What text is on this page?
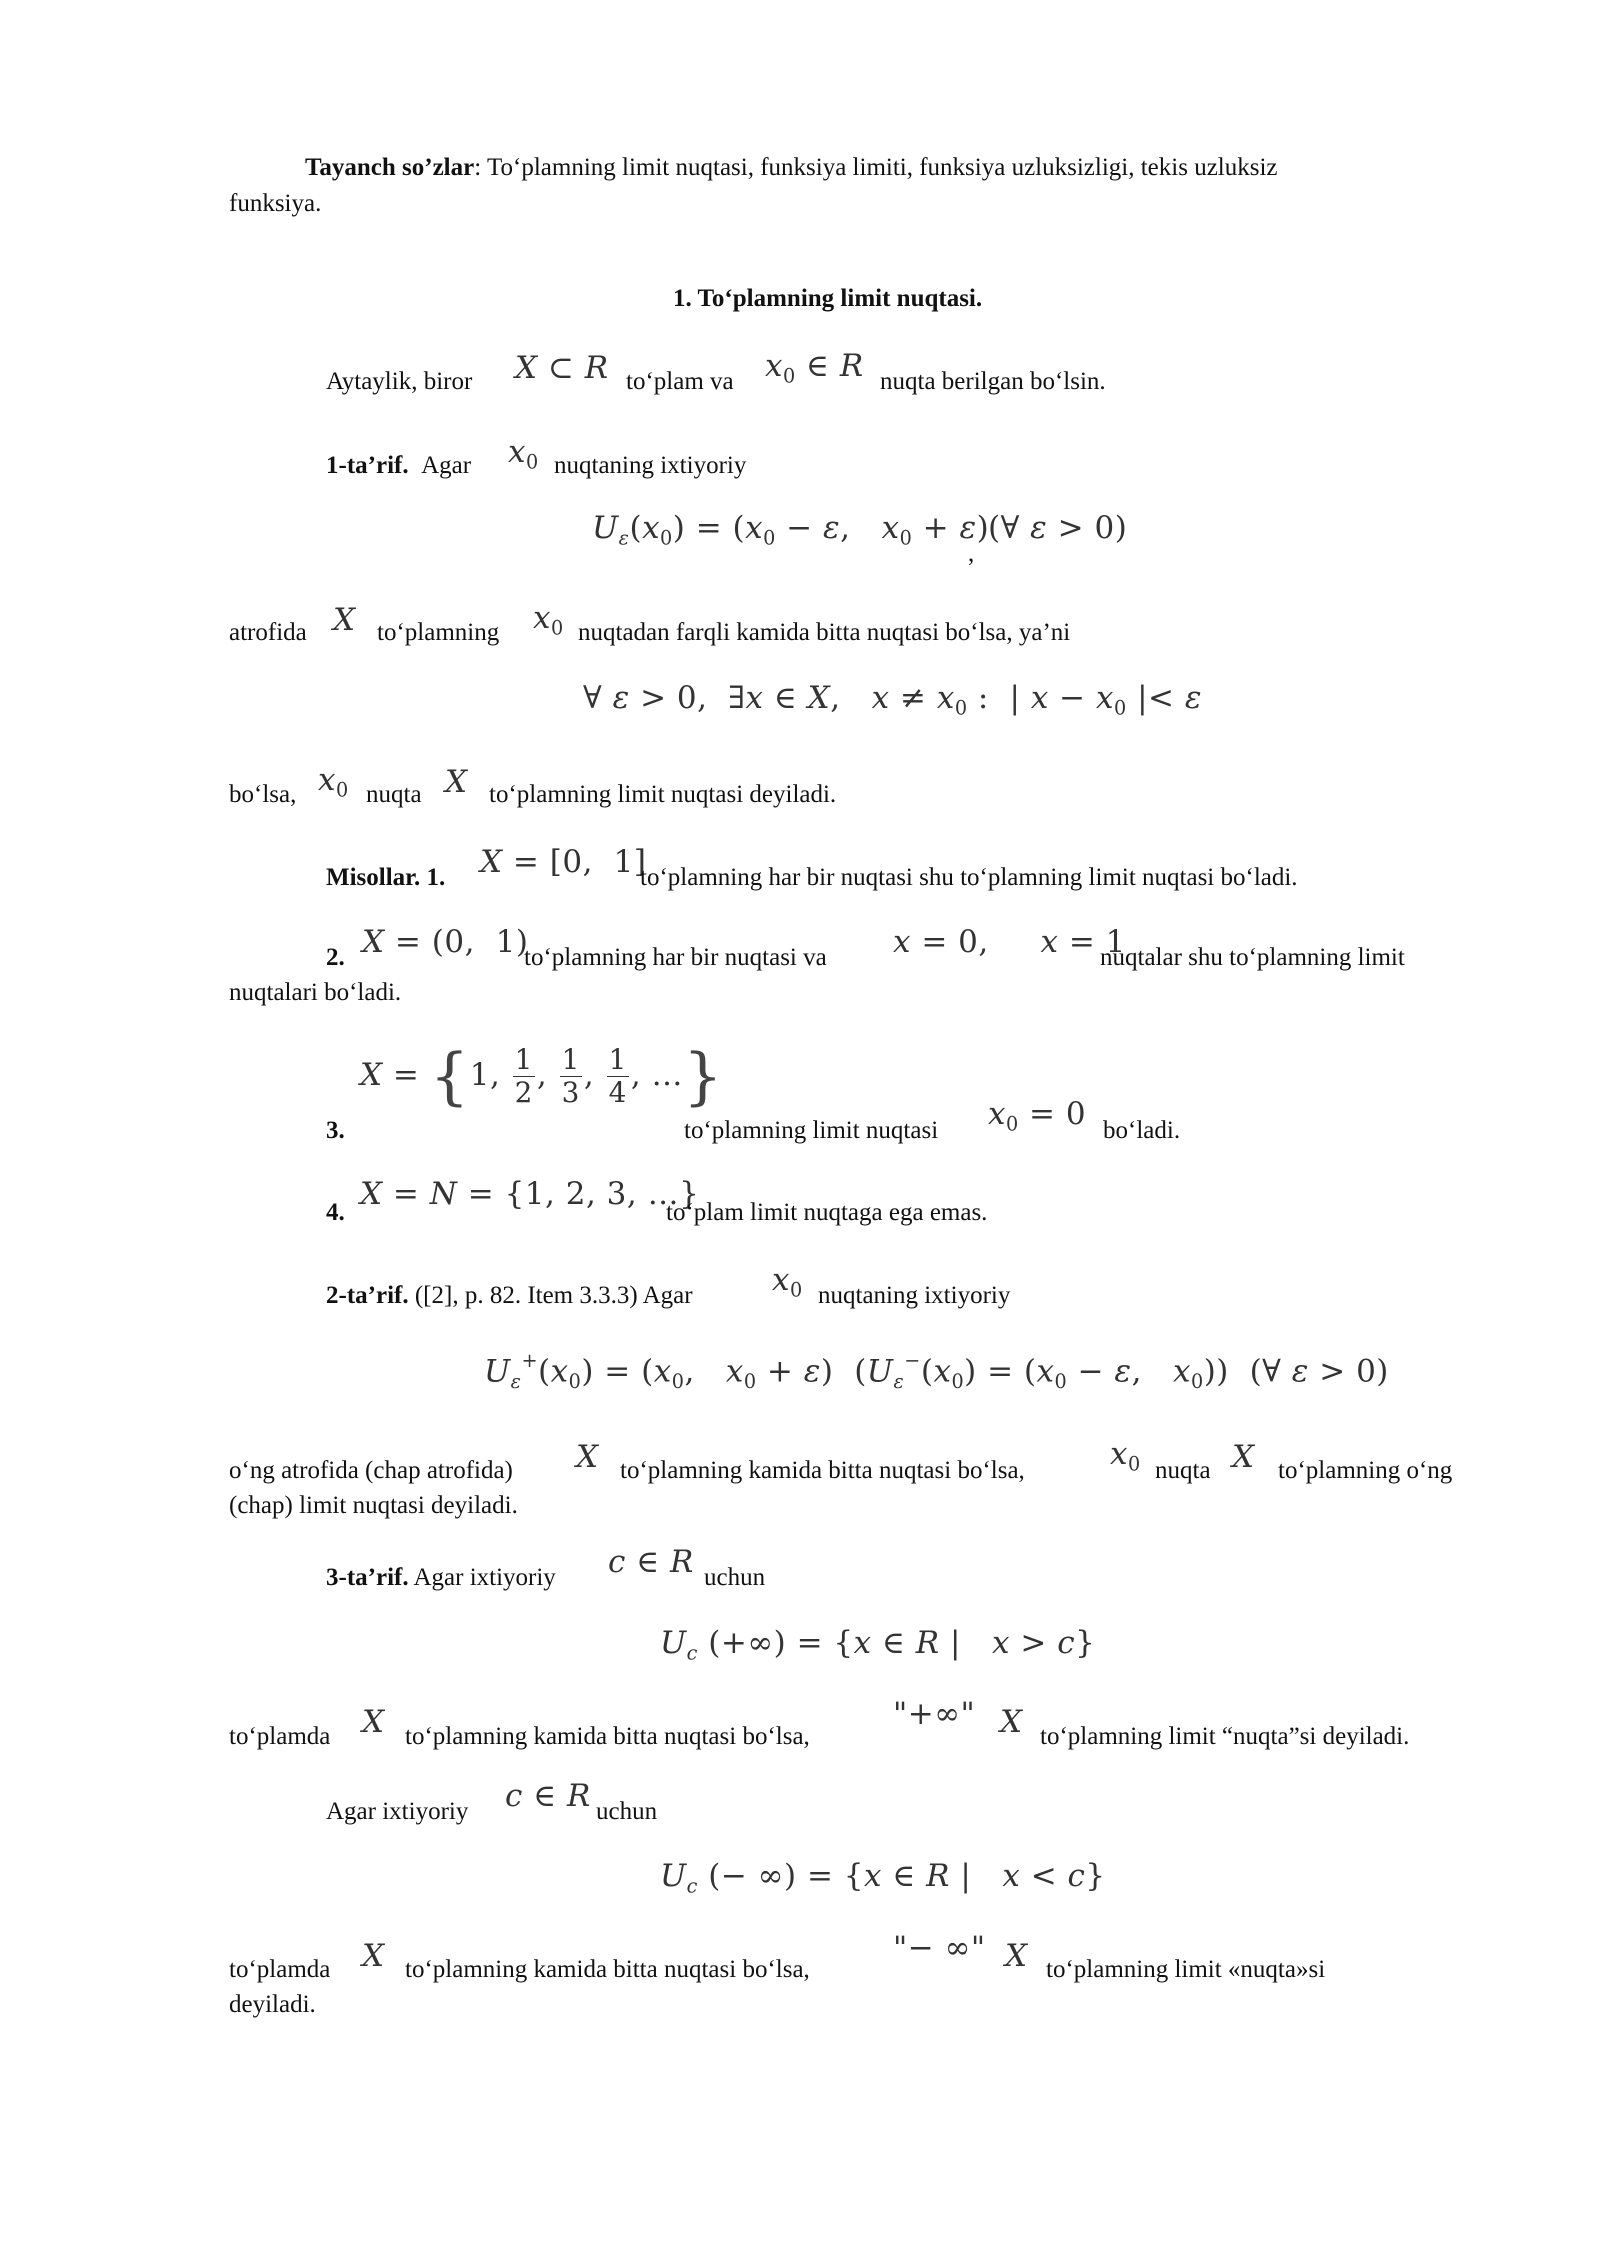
Tayanch so’zlar: To‘plamning limit nuqtasi, funksiya limiti, funksiya uzluksizligi, tekis uzluksiz
funksiya.
1. To‘plamning limit nuqtasi.
Aytaylik, biror X ⊂ R to‘plam va $x_0$ ∈ R nuqta berilgan bo‘lsin.
1-ta’rif. Agar $x_0$ nuqtaning ixtiyoriy
$U_\varepsilon(x_0) = (x_0 - \varepsilon$,   $x_0 + \varepsilon$)
,
(∀ ε > 0)
atrofida X to‘plamning $x_0$ nuqtadan farqli kamida bitta nuqtasi bo‘lsa, ya’ni
∀ ε > 0,  ∃x ∈ X,   $x \ne x_0$ :  | $x - x_0$ |< ε
bo‘lsa, $x_0$ nuqta X to‘plamning limit nuqtasi deyiladi.
Misollar. 1. X = [0,  1]
to‘plamning har bir nuqtasi shu to‘plamning limit nuqtasi bo‘ladi.
2. X = (0,  1)
to‘plamning har bir nuqtasi va x = 0,     x = 1
nuqtalar shu to‘plamning limit
nuqtalari bo‘ladi.
3.
X = {1, $\frac{1}{2}$ , $\frac{1}{3}$ , $\frac{1}{4}$ , …}
to‘plamning limit nuqtasi $x_0 = 0$ bo‘ladi.
4.
X = N = {1, 2, 3, …}
to‘plam limit nuqtaga ega emas.
2-ta’rif. ([2], p. 82. Item 3.3.3) Agar	$x_0$ nuqtaning ixtiyoriy
$U_\varepsilon^+(x_0) = (x_0$,   $x_0 + \varepsilon$)  ($U_\varepsilon^-(x_0) = (x_0 - \varepsilon$,   $x_0$))  (∀ ε > 0)
o‘ng atrofida (chap atrofida) X to‘plamning kamida bitta nuqtasi bo‘lsa,	$x_0$ nuqta X to‘plamning o‘ng
(chap) limit nuqtasi deyiladi.
3-ta’rif. Agar ixtiyoriy c ∈ R uchun
$U_c$ (+∞) = {x ∈ R |   x > c}
to‘plamda X to‘plamning kamida bitta nuqtasi bo‘lsa,
"+∞" X to‘plamning limit “nuqta”si deyiladi.
Agar ixtiyoriy c ∈ R uchun
$U_c$ (− ∞) = {x ∈ R |   x < c}
to‘plamda X to‘plamning kamida bitta nuqtasi bo‘lsa,
"− ∞" X to‘plamning limit «nuqta»si
deyiladi.
